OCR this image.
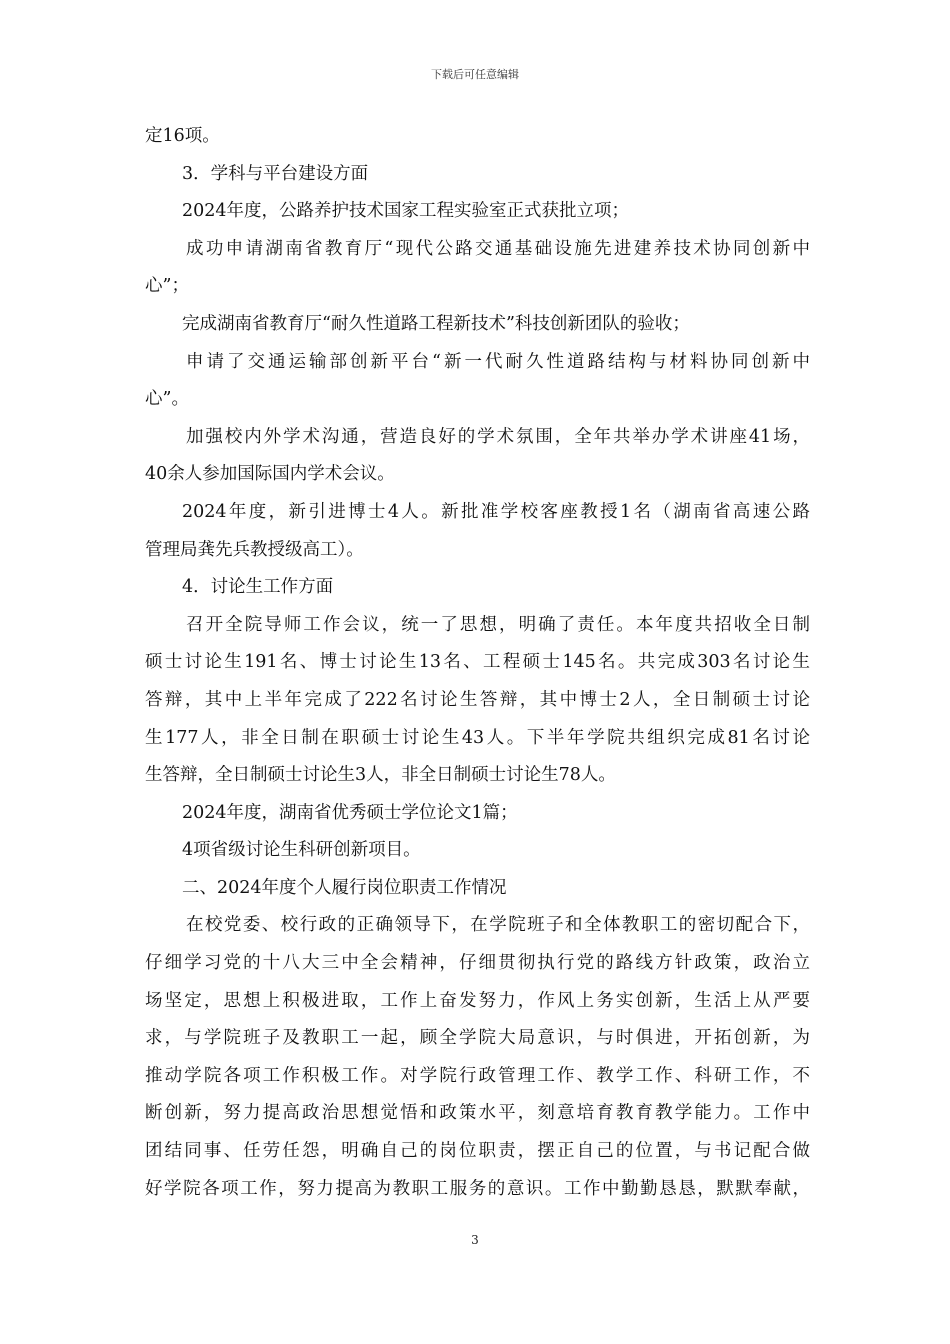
下载后可任意编辑
定16项。
3．学科与平台建设方面
2024年度，公路养护技术国家工程实验室正式获批立项；
成功申请湖南省教育厅“现代公路交通基础设施先进建养技术协同创新中
心”；
完成湖南省教育厅“耐久性道路工程新技术”科技创新团队的验收；
申请了交通运输部创新平台“新一代耐久性道路结构与材料协同创新中
心”。
加强校内外学术沟通，营造良好的学术氛围，全年共举办学术讲座41场，
40余人参加国际国内学术会议。
2024年度，新引进博士4人。新批准学校客座教授1名（湖南省高速公路
管理局龚先兵教授级高工）。
4．讨论生工作方面
召开全院导师工作会议，统一了思想，明确了责任。本年度共招收全日制
硕士讨论生191名、博士讨论生13名、工程硕士145名。共完成303名讨论生
答辩，其中上半年完成了222名讨论生答辩，其中博士2人，全日制硕士讨论
生177人，非全日制在职硕士讨论生43人。下半年学院共组织完成81名讨论
生答辩，全日制硕士讨论生3人，非全日制硕士讨论生78人。
2024年度，湖南省优秀硕士学位论文1篇；
4项省级讨论生科研创新项目。
二、2024年度个人履行岗位职责工作情况
在校党委、校行政的正确领导下，在学院班子和全体教职工的密切配合下，
仔细学习党的十八大三中全会精神，仔细贯彻执行党的路线方针政策，政治立
场坚定，思想上积极进取，工作上奋发努力，作风上务实创新，生活上从严要
求，与学院班子及教职工一起，顾全学院大局意识，与时俱进，开拓创新，为
推动学院各项工作积极工作。对学院行政管理工作、教学工作、科研工作，不
断创新，努力提高政治思想觉悟和政策水平，刻意培育教育教学能力。工作中
团结同事、任劳任怨，明确自己的岗位职责，摆正自己的位置，与书记配合做
好学院各项工作，努力提高为教职工服务的意识。工作中勤勤恳恳，默默奉献，
3
